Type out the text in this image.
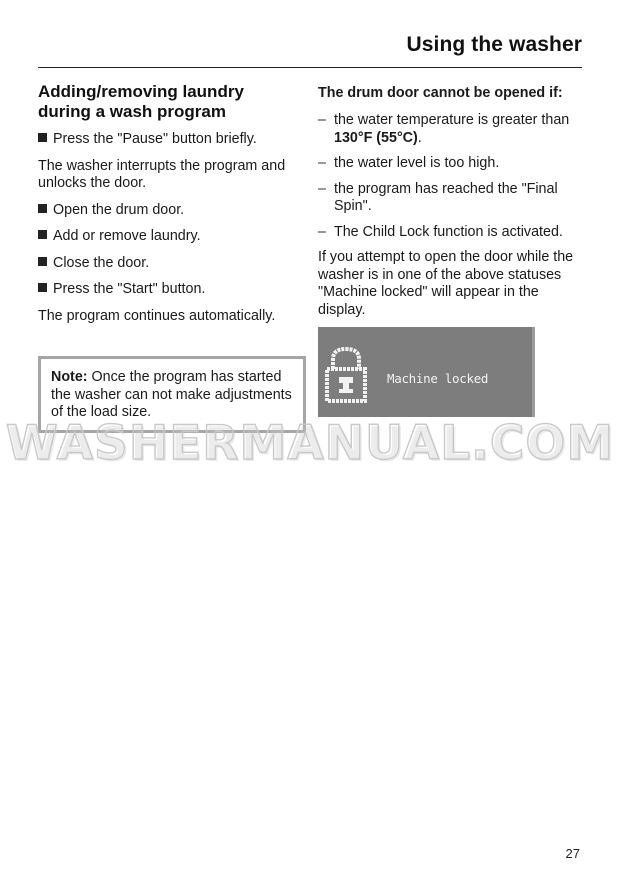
Using the washer
Adding/removing laundry
during a wash program
Press the "Pause" button briefly.

The washer interrupts the program and unlocks the door.

Open the drum door.
Add or remove laundry.
Close the door.
Press the "Start" button.

The program continues automatically.

Note: Once the program has started the washer can not make adjustments of the load size.
The drum door cannot be opened if:
– the water temperature is greater than 130°F (55°C).
– the water level is too high.
– the program has reached the "Final Spin".
– The Child Lock function is activated.

If you attempt to open the door while the washer is in one of the above statuses "Machine locked" will appear in the display.

Machine locked
WASHERMANUAL.COM
27
